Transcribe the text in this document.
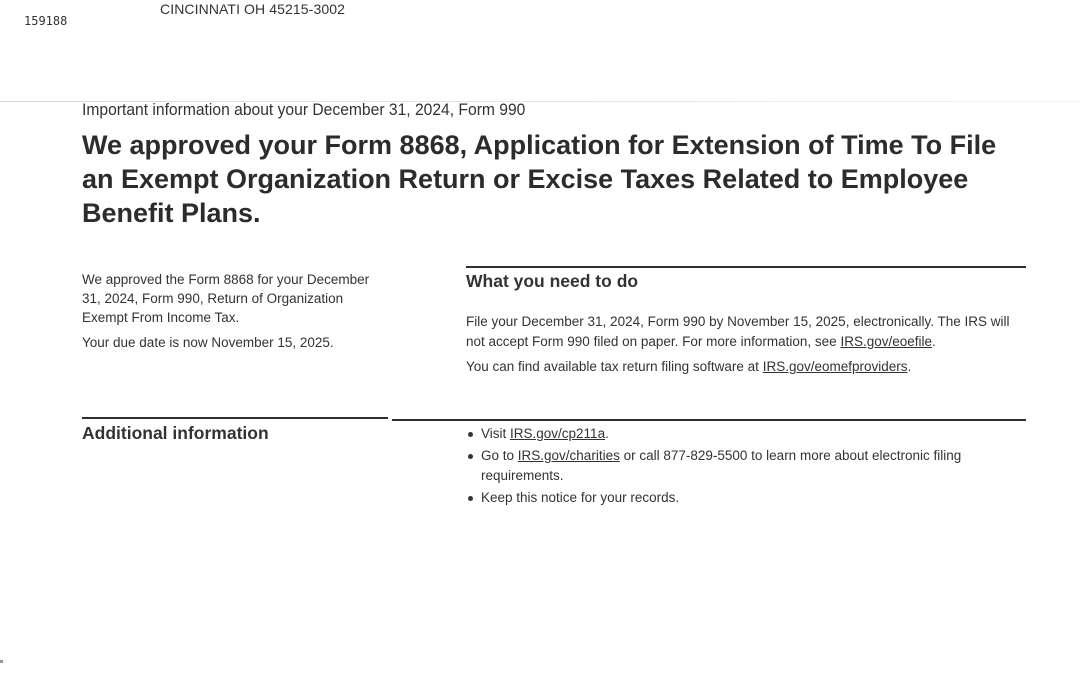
159188
CINCINNATI OH 45215-3002
Important information about your December 31, 2024, Form 990
We approved your Form 8868, Application for Extension of Time To File an Exempt Organization Return or Excise Taxes Related to Employee Benefit Plans.

We approved the Form 8868 for your December 31, 2024, Form 990, Return of Organization Exempt From Income Tax.

Your due date is now November 15, 2025.

What you need to do

File your December 31, 2024, Form 990 by November 15, 2025, electronically. The IRS will not accept Form 990 filed on paper. For more information, see IRS.gov/eoefile.

You can find available tax return filing software at IRS.gov/eomefproviders.

Additional information	Visit IRS.gov/cp211a.
Go to IRS.gov/charities or call 877-829-5500 to learn more about electronic filing requirements.
Keep this notice for your records.
